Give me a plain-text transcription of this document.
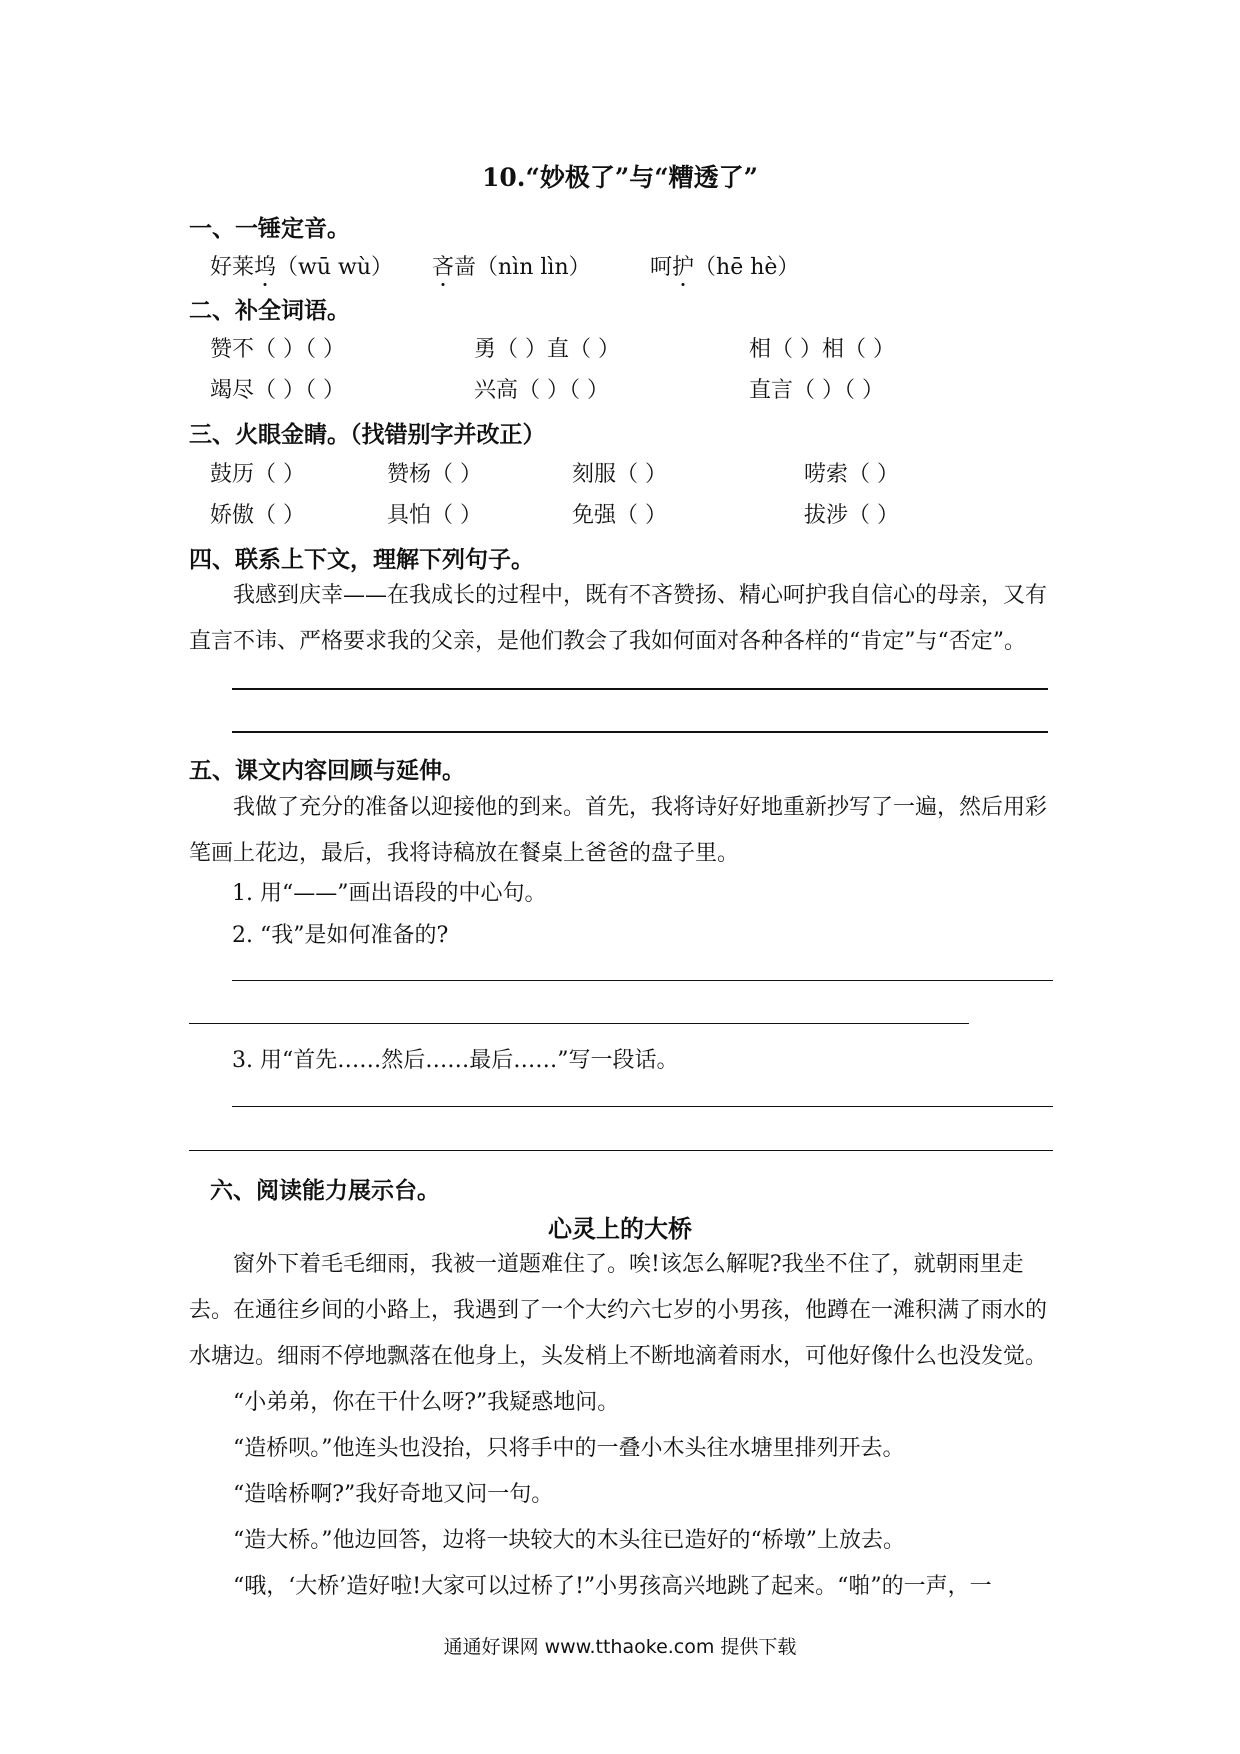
10.“妙极了”与“糟透了”
一、一锤定音。
好莱坞（wū wù） 吝啬（nìn lìn）	呵护（hē hè）
二、补全词语。
赞不（ ）（ ）	勇（ ）直（ ）	相（ ）相（ ）
竭尽（ ）（ ）	兴高（ ）（ ）	直言（ ）（ ）
三、火眼金睛。（找错别字并改正）
鼓历（ ）	赞杨（ ）	刻服（ ）	唠索（ ）
娇傲（ ）	具怕（ ）	免强（ ）	拔涉（ ）
四、联系上下文，理解下列句子。
我感到庆幸——在我成长的过程中，既有不吝赞扬、精心呵护我自信心的母亲，又有直言不讳、严格要求我的父亲，是他们教会了我如何面对各种各样的“肯定”与“否定”。
五、课文内容回顾与延伸。
我做了充分的准备以迎接他的到来。首先，我将诗好好地重新抄写了一遍，然后用彩笔画上花边，最后，我将诗稿放在餐桌上爸爸的盘子里。
1. 用“——”画出语段的中心句。
2. “我”是如何准备的?
3. 用“首先……然后……最后……”写一段话。
六、阅读能力展示台。
心灵上的大桥
窗外下着毛毛细雨，我被一道题难住了。唉!该怎么解呢?我坐不住了，就朝雨里走去。 在通往乡间的小路上，我遇到了一个大约六七岁的小男孩，他蹲在一滩积满了雨水的水塘边。细雨不停地飘落在他身上，头发梢上不断地滴着雨水，可他好像什么也没发觉。
“小弟弟，你在干什么呀?”我疑惑地问。
“造桥呗。”他连头也没抬，只将手中的一叠小木头往水塘里排列开去。
“造啥桥啊?”我好奇地又问一句。
“造大桥。”他边回答，边将一块较大的木头往已造好的“桥墩”上放去。
“哦，‘大桥’造好啦!大家可以过桥了!”小男孩高兴地跳了起来。“啪”的一声，一
通通好课网 www.tthaoke.com 提供下载
